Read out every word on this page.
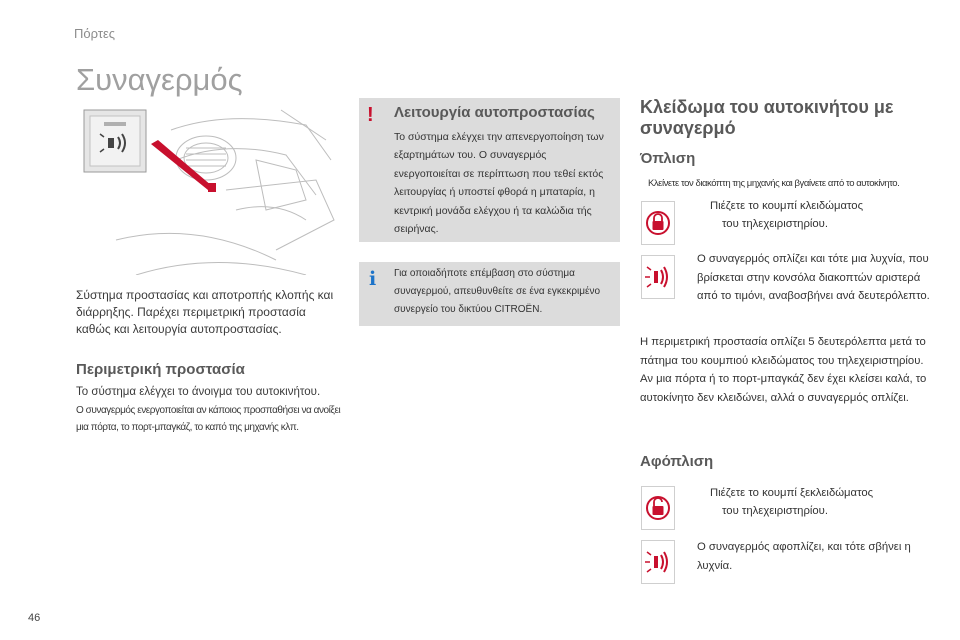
Πόρτες
Συναγερμός
Σύστημα προστασίας και αποτροπής κλοπής και διάρρηξης. Παρέχει περιμετρική προστασία καθώς και λειτουργία αυτοπροστασίας.
Περιμετρική προστασία
Το σύστημα ελέγχει το άνοιγμα του αυτοκινήτου.
Ο συναγερμός ενεργοποιείται αν κάποιος προσπαθήσει να ανοίξει μια πόρτα, το πορτ-μπαγκάζ, το καπό της μηχανής κλπ.
! Λειτουργία αυτοπροστασίας
Το σύστημα ελέγχει την απενεργοποίηση των εξαρτημάτων του. Ο συναγερμός ενεργοποιείται σε περίπτωση που τεθεί εκτός λειτουργίας ή υποστεί φθορά η μπαταρία, η κεντρική μονάδα ελέγχου ή τα καλώδια τής σειρήνας.
i Για οποιαδήποτε επέμβαση στο σύστημα συναγερμού, απευθυνθείτε σε ένα εγκεκριμένο συνεργείο του δικτύου CITROËN.
Κλείδωμα του αυτοκινήτου με συναγερμό
Όπλιση
Κλείνετε τον διακόπτη της μηχανής και βγαίνετε από το αυτοκίνητο.
Πιέζετε το κουμπί κλειδώματος
του τηλεχειριστηρίου.
Ο συναγερμός οπλίζει και τότε μια λυχνία, που βρίσκεται στην κονσόλα διακοπτών αριστερά από το τιμόνι, αναβοσβήνει ανά δευτερόλεπτο.
Η περιμετρική προστασία οπλίζει 5 δευτερόλεπτα μετά το πάτημα του κουμπιού κλειδώματος του τηλεχειριστηρίου. Αν μια πόρτα ή το πορτ-μπαγκάζ δεν έχει κλείσει καλά, το αυτοκίνητο δεν κλειδώνει, αλλά ο συναγερμός οπλίζει.
Αφόπλιση
Πιέζετε το κουμπί ξεκλειδώματος
του τηλεχειριστηρίου.
Ο συναγερμός αφοπλίζει, και τότε σβήνει η λυχνία.
46
